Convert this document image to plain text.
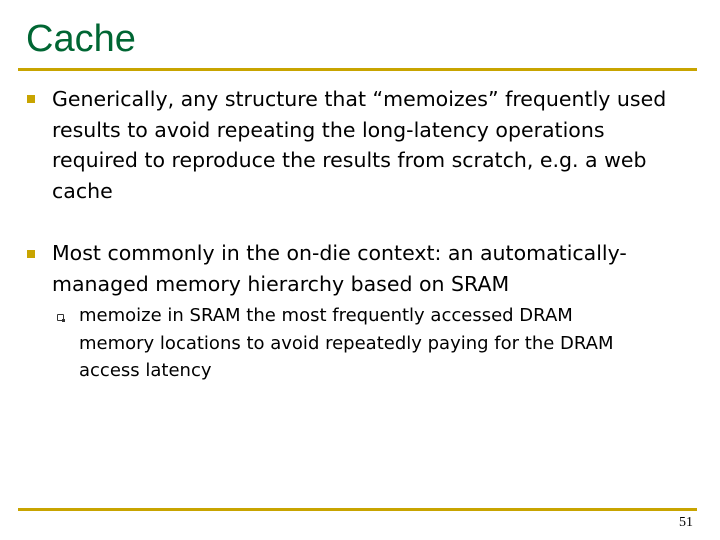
Cache

Generically, any structure that “memoizes” frequently used
results to avoid repeating the long-latency operations
required to reproduce the results from scratch, e.g. a web
cache

Most commonly in the on-die context: an automatically-
managed memory hierarchy based on SRAM

memoize in SRAM the most frequently accessed DRAM
memory locations to avoid repeatedly paying for the DRAM
access latency

51
